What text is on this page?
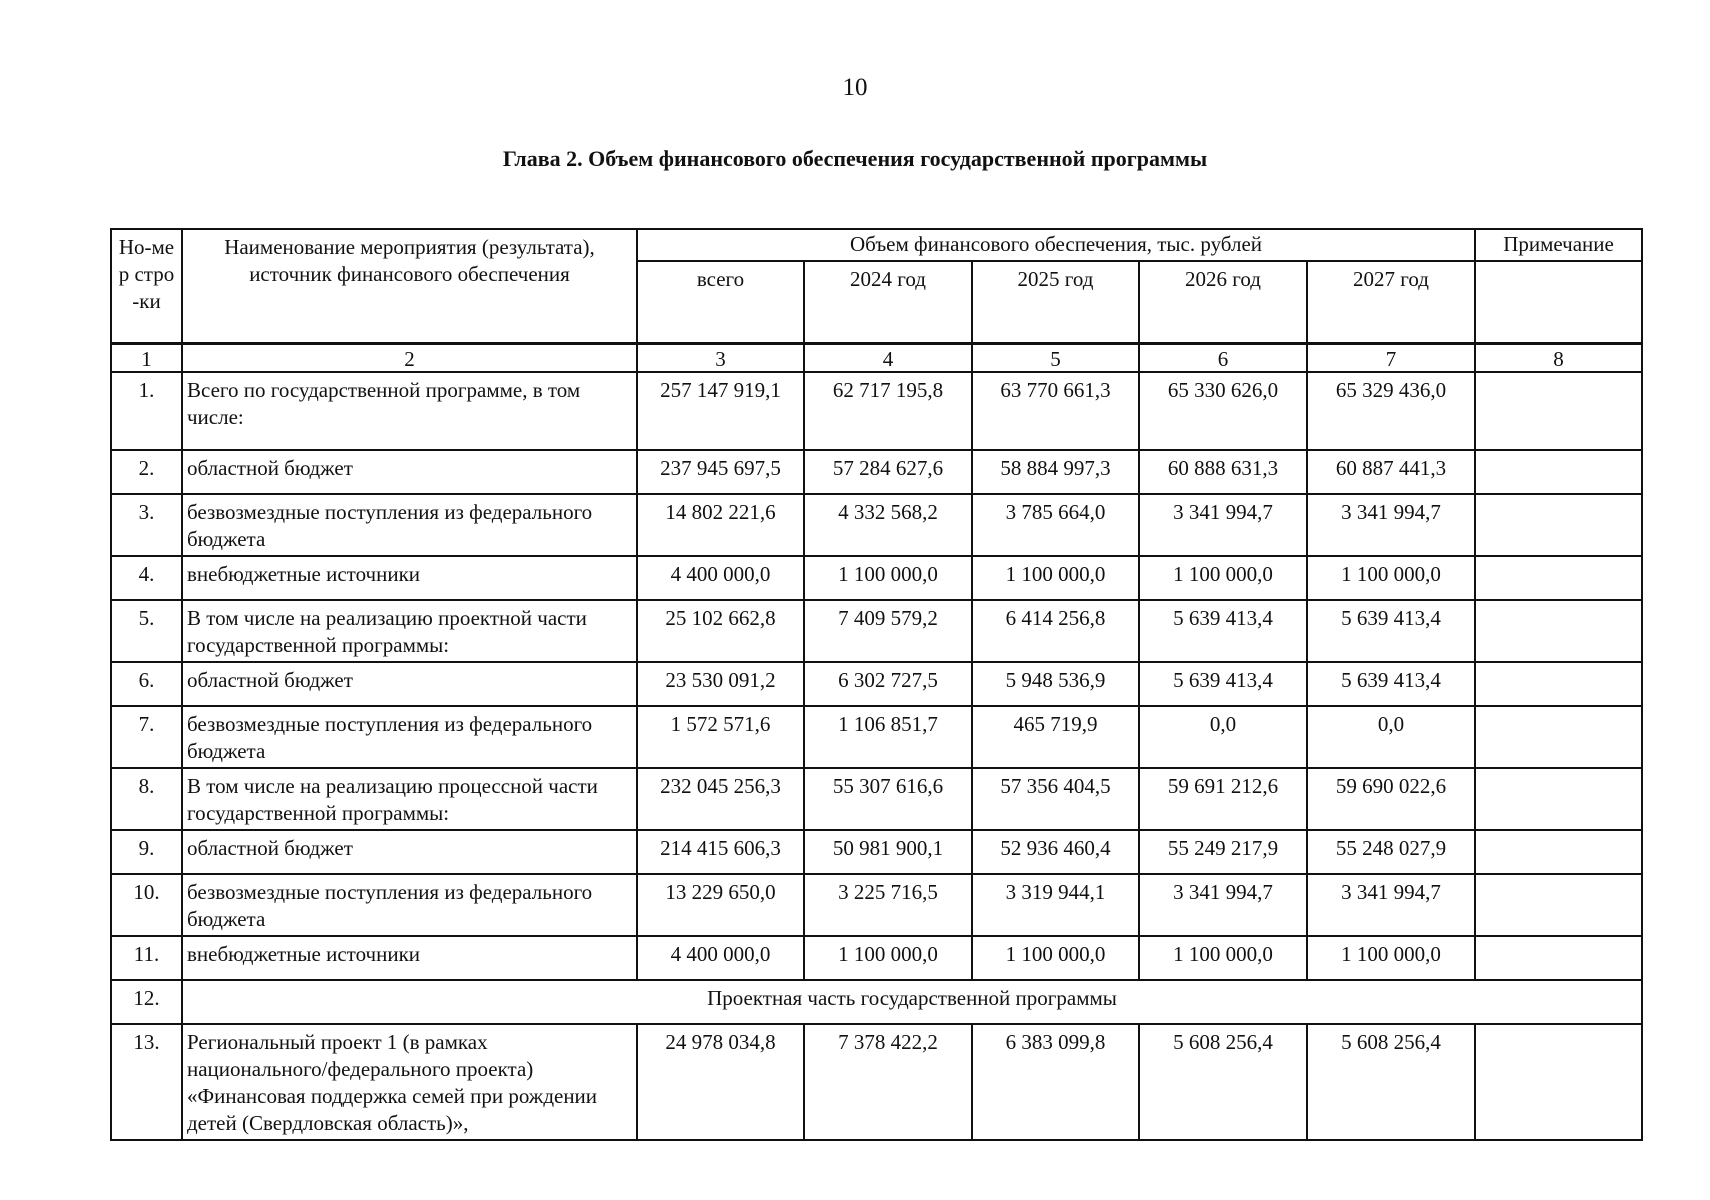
10
Глава 2. Объем финансового обеспечения государственной программы
Но-мер стро-ки	Наименование мероприятия (результата), источник финансового обеспечения	Объем финансового обеспечения, тыс. рублей					Примечание
		всего	2024 год	2025 год	2026 год	2027 год	
1	2	3	4	5	6	7	8
1.	Всего по государственной программе, в том числе:	257 147 919,1	62 717 195,8	63 770 661,3	65 330 626,0	65 329 436,0	
2.	областной бюджет	237 945 697,5	57 284 627,6	58 884 997,3	60 888 631,3	60 887 441,3	
3.	безвозмездные поступления из федерального бюджета	14 802 221,6	4 332 568,2	3 785 664,0	3 341 994,7	3 341 994,7	
4.	внебюджетные источники	4 400 000,0	1 100 000,0	1 100 000,0	1 100 000,0	1 100 000,0	
5.	В том числе на реализацию проектной части государственной программы:	25 102 662,8	7 409 579,2	6 414 256,8	5 639 413,4	5 639 413,4	
6.	областной бюджет	23 530 091,2	6 302 727,5	5 948 536,9	5 639 413,4	5 639 413,4	
7.	безвозмездные поступления из федерального бюджета	1 572 571,6	1 106 851,7	465 719,9	0,0	0,0	
8.	В том числе на реализацию процессной части государственной программы:	232 045 256,3	55 307 616,6	57 356 404,5	59 691 212,6	59 690 022,6	
9.	областной бюджет	214 415 606,3	50 981 900,1	52 936 460,4	55 249 217,9	55 248 027,9	
10.	безвозмездные поступления из федерального бюджета	13 229 650,0	3 225 716,5	3 319 944,1	3 341 994,7	3 341 994,7	
11.	внебюджетные источники	4 400 000,0	1 100 000,0	1 100 000,0	1 100 000,0	1 100 000,0	
12.	Проектная часть государственной программы						
13.	Региональный проект 1 (в рамках национального/федерального проекта) «Финансовая поддержка семей при рождении детей (Свердловская область)»,	24 978 034,8	7 378 422,2	6 383 099,8	5 608 256,4	5 608 256,4	
